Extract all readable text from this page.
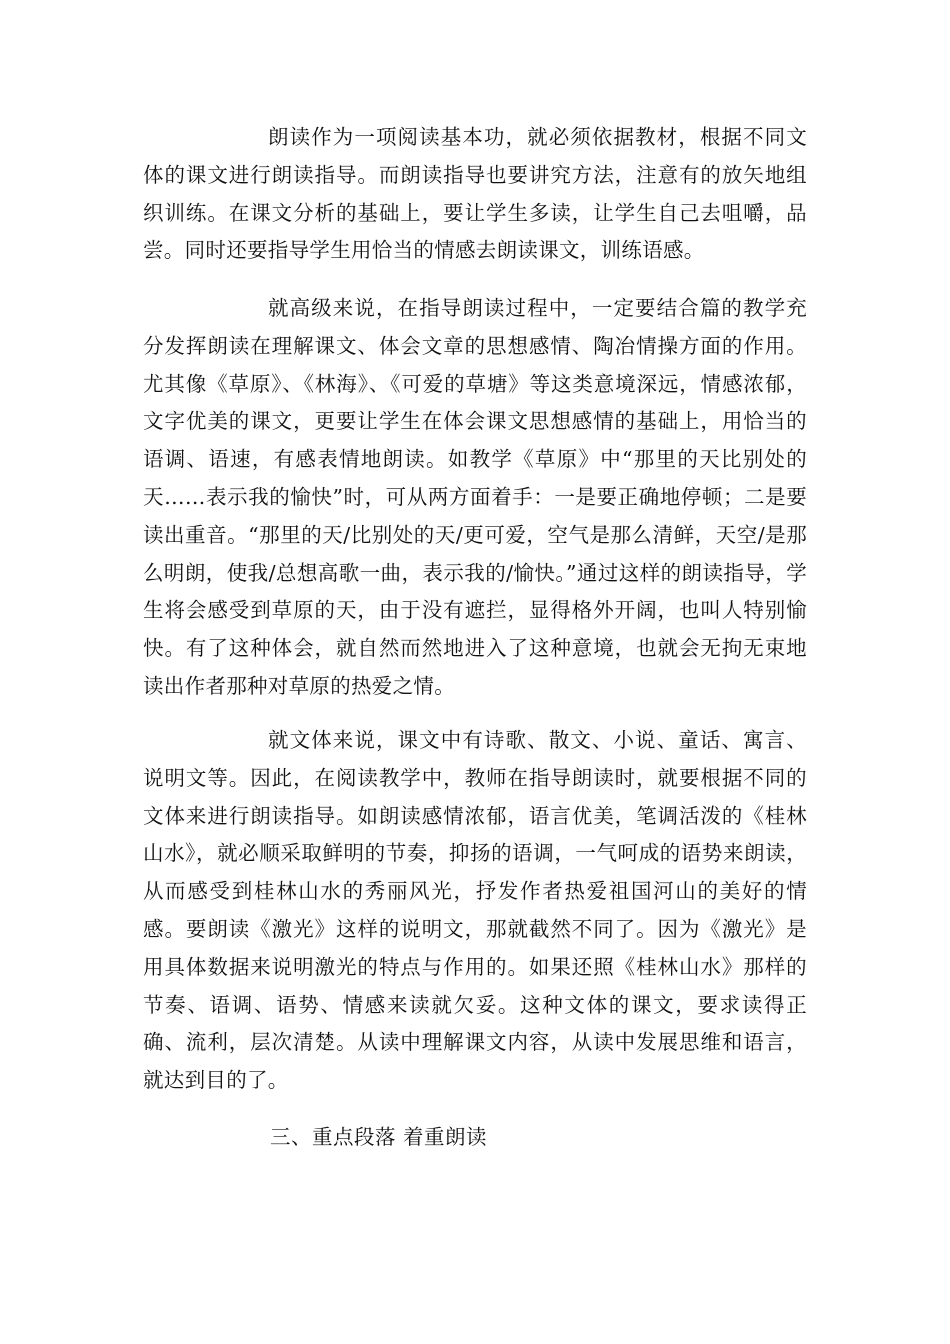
朗读作为一项阅读基本功，就必须依据教材，根据不同文体的课文进行朗读指导。而朗读指导也要讲究方法，注意有的放矢地组织训练。在课文分析的基础上，要让学生多读，让学生自己去咀嚼，品尝。同时还要指导学生用恰当的情感去朗读课文，训练语感。

就高级来说，在指导朗读过程中，一定要结合篇的教学充分发挥朗读在理解课文、体会文章的思想感情、陶冶情操方面的作用。尤其像《草原》、《林海》、《可爱的草塘》等这类意境深远，情感浓郁，文字优美的课文，更要让学生在体会课文思想感情的基础上，用恰当的语调、语速，有感表情地朗读。如教学《草原》中“那里的天比别处的天……表示我的愉快”时，可从两方面着手：一是要正确地停顿；二是要读出重音。“那里的天/比别处的天/更可爱，空气是那么清鲜，天空/是那么明朗，使我/总想高歌一曲，表示我的/愉快。”通过这样的朗读指导，学生将会感受到草原的天，由于没有遮拦，显得格外开阔，也叫人特别愉快。有了这种体会，就自然而然地进入了这种意境，也就会无拘无束地读出作者那种对草原的热爱之情。

就文体来说，课文中有诗歌、散文、小说、童话、寓言、说明文等。因此，在阅读教学中，教师在指导朗读时，就要根据不同的文体来进行朗读指导。如朗读感情浓郁，语言优美，笔调活泼的《桂林山水》，就必顺采取鲜明的节奏，抑扬的语调，一气呵成的语势来朗读，从而感受到桂林山水的秀丽风光，抒发作者热爱祖国河山的美好的情感。要朗读《激光》这样的说明文，那就截然不同了。因为《激光》是用具体数据来说明激光的特点与作用的。如果还照《桂林山水》那样的节奏、语调、语势、情感来读就欠妥。这种文体的课文，要求读得正确、流利，层次清楚。从读中理解课文内容，从读中发展思维和语言，就达到目的了。

三、重点段落 着重朗读
